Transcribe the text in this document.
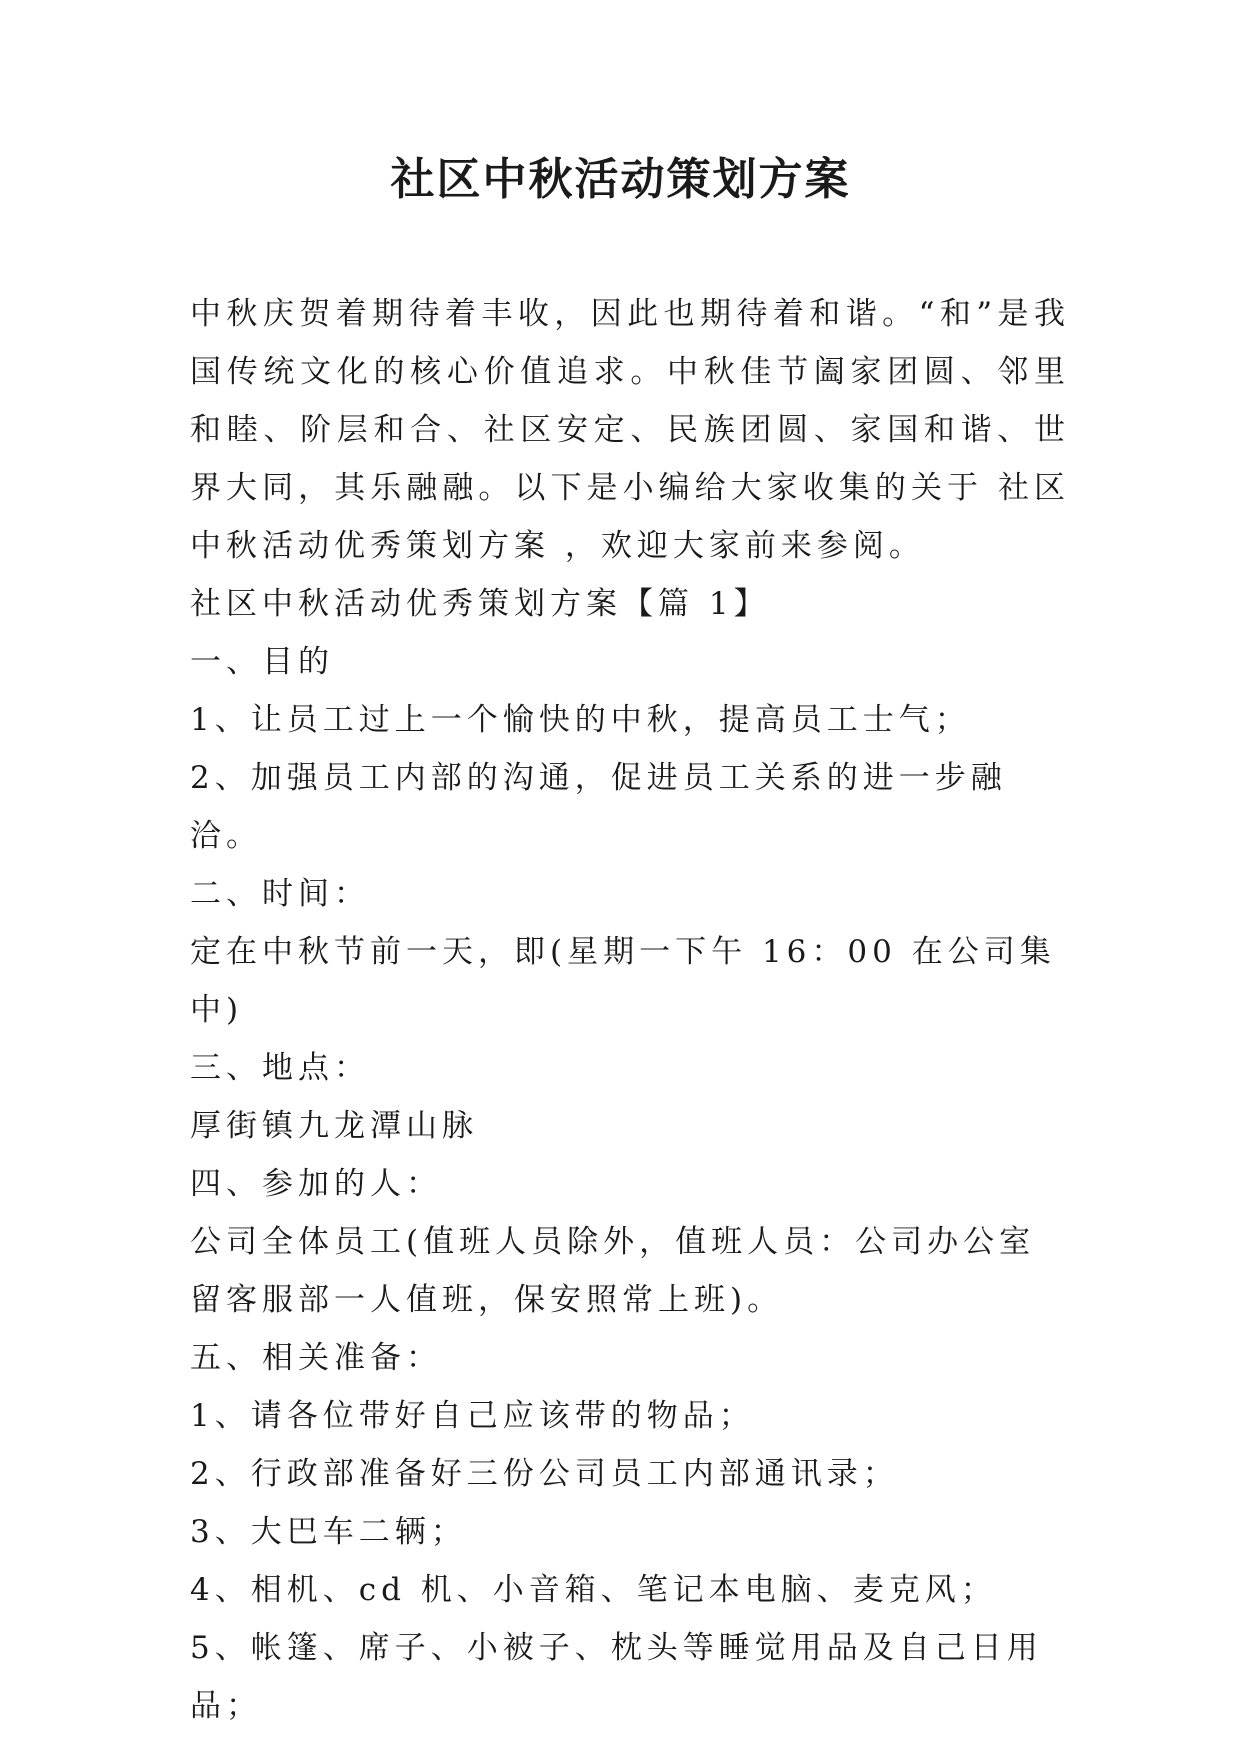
社区中秋活动策划方案

中秋庆贺着期待着丰收，因此也期待着和谐。“和”是我国传统文化的核心价值追求。中秋佳节阖家团圆、邻里和睦、阶层和合、社区安定、民族团圆、家国和谐、世界大同，其乐融融。以下是小编给大家收集的关于 社区中秋活动优秀策划方案 ，欢迎大家前来参阅。

社区中秋活动优秀策划方案【篇 1】

一、目的

1、让员工过上一个愉快的中秋，提高员工士气；

2、加强员工内部的沟通，促进员工关系的进一步融洽。

二、时间：

定在中秋节前一天，即(星期一下午 16：00 在公司集中)

三、地点：

厚街镇九龙潭山脉

四、参加的人：

公司全体员工(值班人员除外，值班人员：公司办公室留客服部一人值班，保安照常上班)。

五、相关准备：

1、请各位带好自己应该带的物品；

2、行政部准备好三份公司员工内部通讯录；

3、大巴车二辆；

4、相机、cd 机、小音箱、笔记本电脑、麦克风；

5、帐篷、席子、小被子、枕头等睡觉用品及自己日用品；
